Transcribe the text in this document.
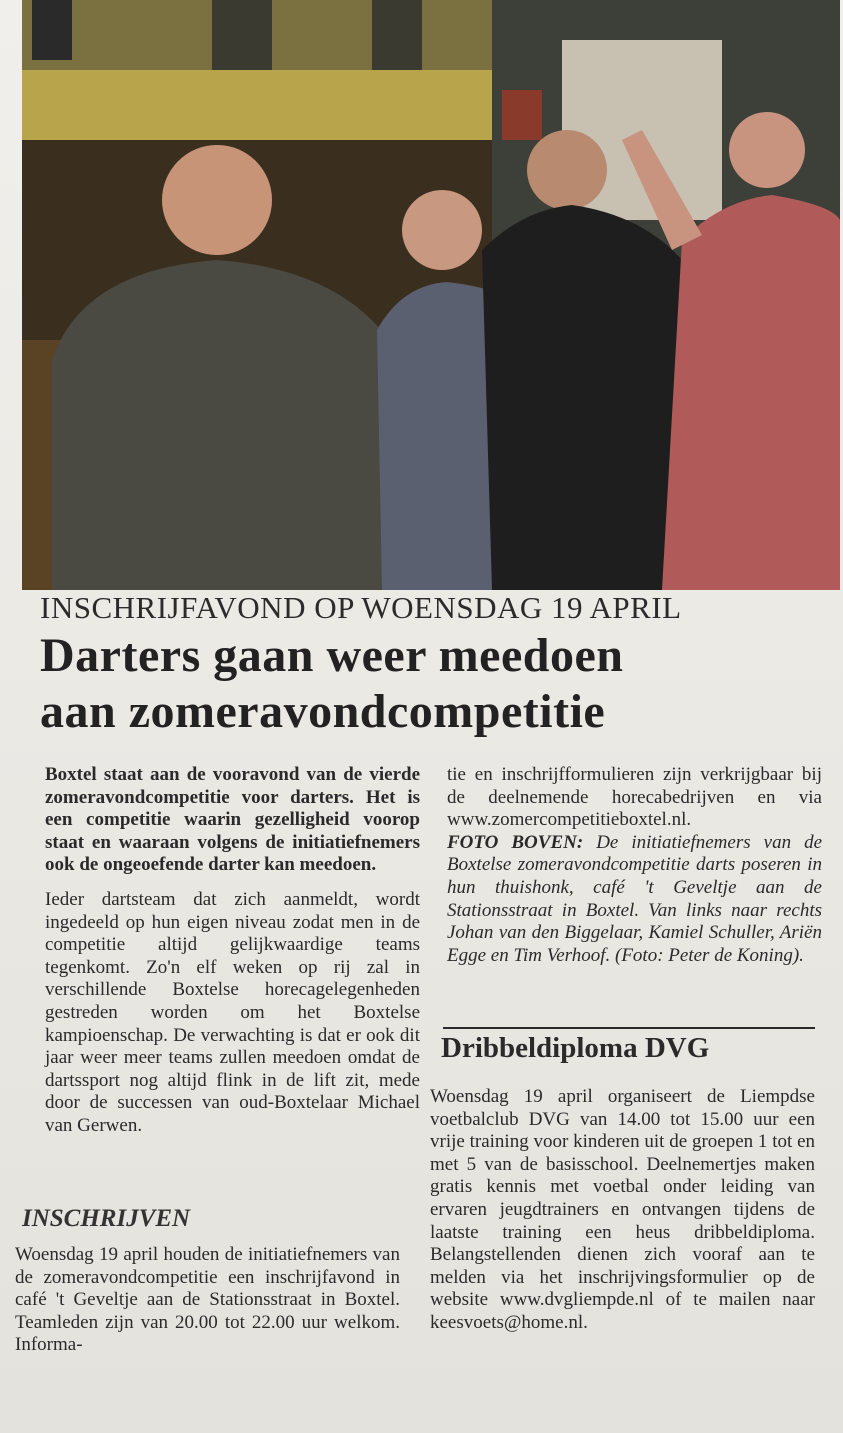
INSCHRIJFAVOND OP WOENSDAG 19 APRIL
Darters gaan weer meedoen
aan zomeravondcompetitie

Boxtel staat aan de vooravond van de vierde zomeravondcompetitie voor darters. Het is een competitie waarin gezelligheid voorop staat en waaraan volgens de initiatiefnemers ook de ongeoefende darter kan meedoen.

Ieder dartsteam dat zich aanmeldt, wordt ingedeeld op hun eigen niveau zodat men in de competitie altijd gelijkwaardige teams tegenkomt. Zo'n elf weken op rij zal in verschillende Boxtelse horecagelegenheden gestreden worden om het Boxtelse kampioenschap. De verwachting is dat er ook dit jaar weer meer teams zullen meedoen omdat de dartssport nog altijd flink in de lift zit, mede door de successen van oud-Boxtelaar Michael van Gerwen.

INSCHRIJVEN

Woensdag 19 april houden de initiatiefnemers van de zomeravondcompetitie een inschrijfavond in café 't Geveltje aan de Stationsstraat in Boxtel. Teamleden zijn van 20.00 tot 22.00 uur welkom. Informa-

tie en inschrijfformulieren zijn verkrijgbaar bij de deelnemende horecabedrijven en via www.zomercompetitieboxtel.nl.

FOTO BOVEN: De initiatiefnemers van de Boxtelse zomeravondcompetitie darts poseren in hun thuishonk, café 't Geveltje aan de Stationsstraat in Boxtel. Van links naar rechts Johan van den Biggelaar, Kamiel Schuller, Ariën Egge en Tim Verhoof. (Foto: Peter de Koning).

Dribbeldiploma DVG

Woensdag 19 april organiseert de Liempdse voetbalclub DVG van 14.00 tot 15.00 uur een vrije training voor kinderen uit de groepen 1 tot en met 5 van de basisschool. Deelnemertjes maken gratis kennis met voetbal onder leiding van ervaren jeugdtrainers en ontvangen tijdens de laatste training een heus dribbeldiploma. Belangstellenden dienen zich vooraf aan te melden via het inschrijvingsformulier op de website www.dvgliempde.nl of te mailen naar keesvoets@home.nl.
